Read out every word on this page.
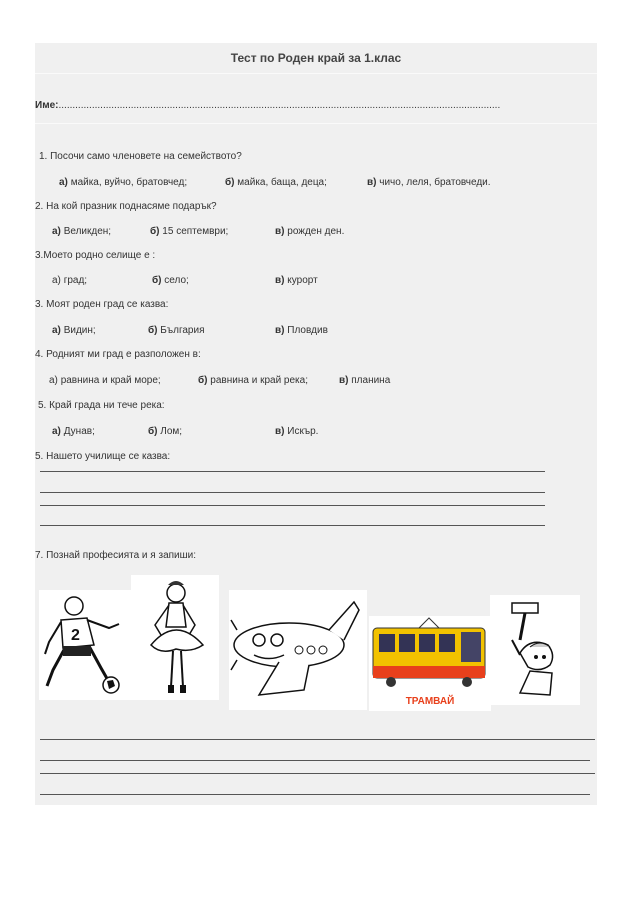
Тест по Роден край за 1.клас
Име:...............................................................................................................................................................
1. Посочи само членовете на семейството?
а) майка, вуйчо, братовчед;	б) майка, баща, деца;	в) чичо, леля, братовчеди.
2. На кой празник поднасяме подарък?
а) Великден;	б) 15 септември;	в) рожден ден.
3.Моето родно селище е :
а) град;	б) село;	в) курорт
3. Моят роден град се казва:
а) Видин;	б) България	в) Пловдив
4. Родният ми град е разположен в:
а) равнина и край море;	б) равнина и край река;	в) планина
5. Край града ни тече река:
а) Дунав;	б) Лом;	в) Искър.
5. Нашето училище се казва:
7. Познай професията и я запиши:
2
ТРАМВАЙ
